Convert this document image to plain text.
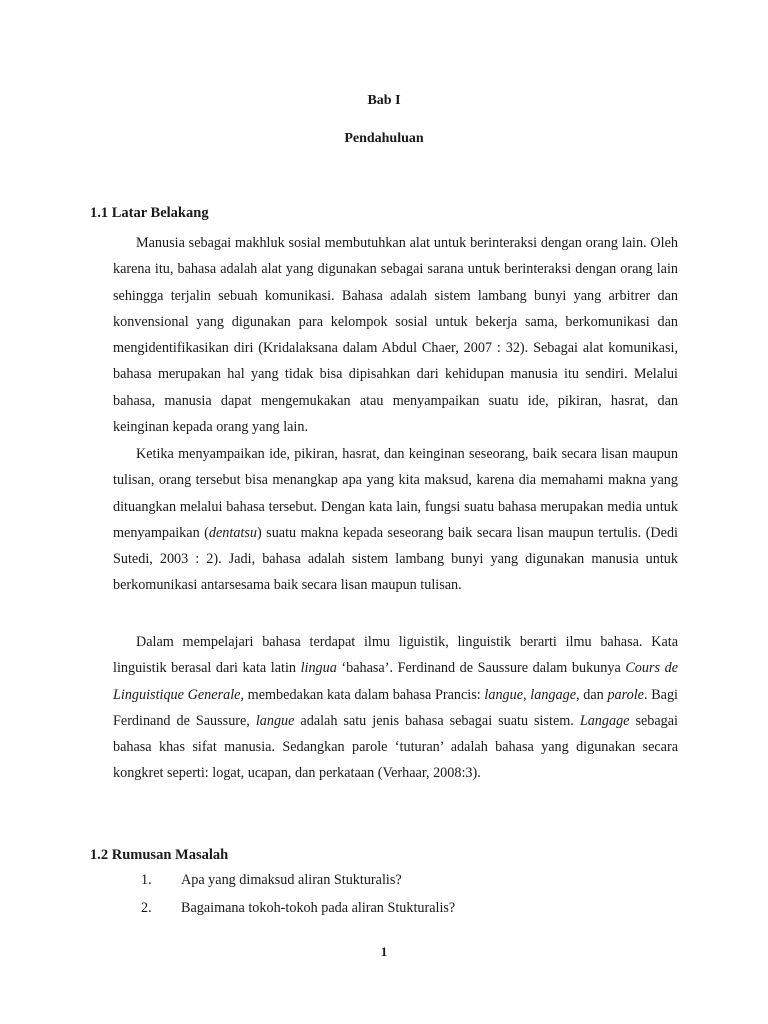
Bab I

Pendahuluan

1.1 Latar Belakang

Manusia sebagai makhluk sosial membutuhkan alat untuk berinteraksi dengan orang lain. Oleh karena itu, bahasa adalah alat yang digunakan sebagai sarana untuk berinteraksi dengan orang lain sehingga terjalin sebuah komunikasi. Bahasa adalah sistem lambang bunyi yang arbitrer dan konvensional yang digunakan para kelompok sosial untuk bekerja sama, berkomunikasi dan mengidentifikasikan diri (Kridalaksana dalam Abdul Chaer, 2007 : 32). Sebagai alat komunikasi, bahasa merupakan hal yang tidak bisa dipisahkan dari kehidupan manusia itu sendiri. Melalui bahasa, manusia dapat mengemukakan atau menyampaikan suatu ide, pikiran, hasrat, dan keinginan kepada orang yang lain.

Ketika menyampaikan ide, pikiran, hasrat, dan keinginan seseorang, baik secara lisan maupun tulisan, orang tersebut bisa menangkap apa yang kita maksud, karena dia memahami makna yang dituangkan melalui bahasa tersebut. Dengan kata lain, fungsi suatu bahasa merupakan media untuk menyampaikan (dentatsu) suatu makna kepada seseorang baik secara lisan maupun tertulis. (Dedi Sutedi, 2003 : 2). Jadi, bahasa adalah sistem lambang bunyi yang digunakan manusia untuk berkomunikasi antarsesama baik secara lisan maupun tulisan.

Dalam mempelajari bahasa terdapat ilmu liguistik, linguistik berarti ilmu bahasa. Kata linguistik berasal dari kata latin lingua ‘bahasa’. Ferdinand de Saussure dalam bukunya Cours de Linguistique Generale, membedakan kata dalam bahasa Prancis: langue, langage, dan parole. Bagi Ferdinand de Saussure, langue adalah satu jenis bahasa sebagai suatu sistem. Langage sebagai bahasa khas sifat manusia. Sedangkan parole ‘tuturan’ adalah bahasa yang digunakan secara kongkret seperti: logat, ucapan, dan perkataan (Verhaar, 2008:3).

1.2 Rumusan Masalah
1. Apa yang dimaksud aliran Stukturalis?
2. Bagaimana tokoh-tokoh pada aliran Stukturalis?

1
